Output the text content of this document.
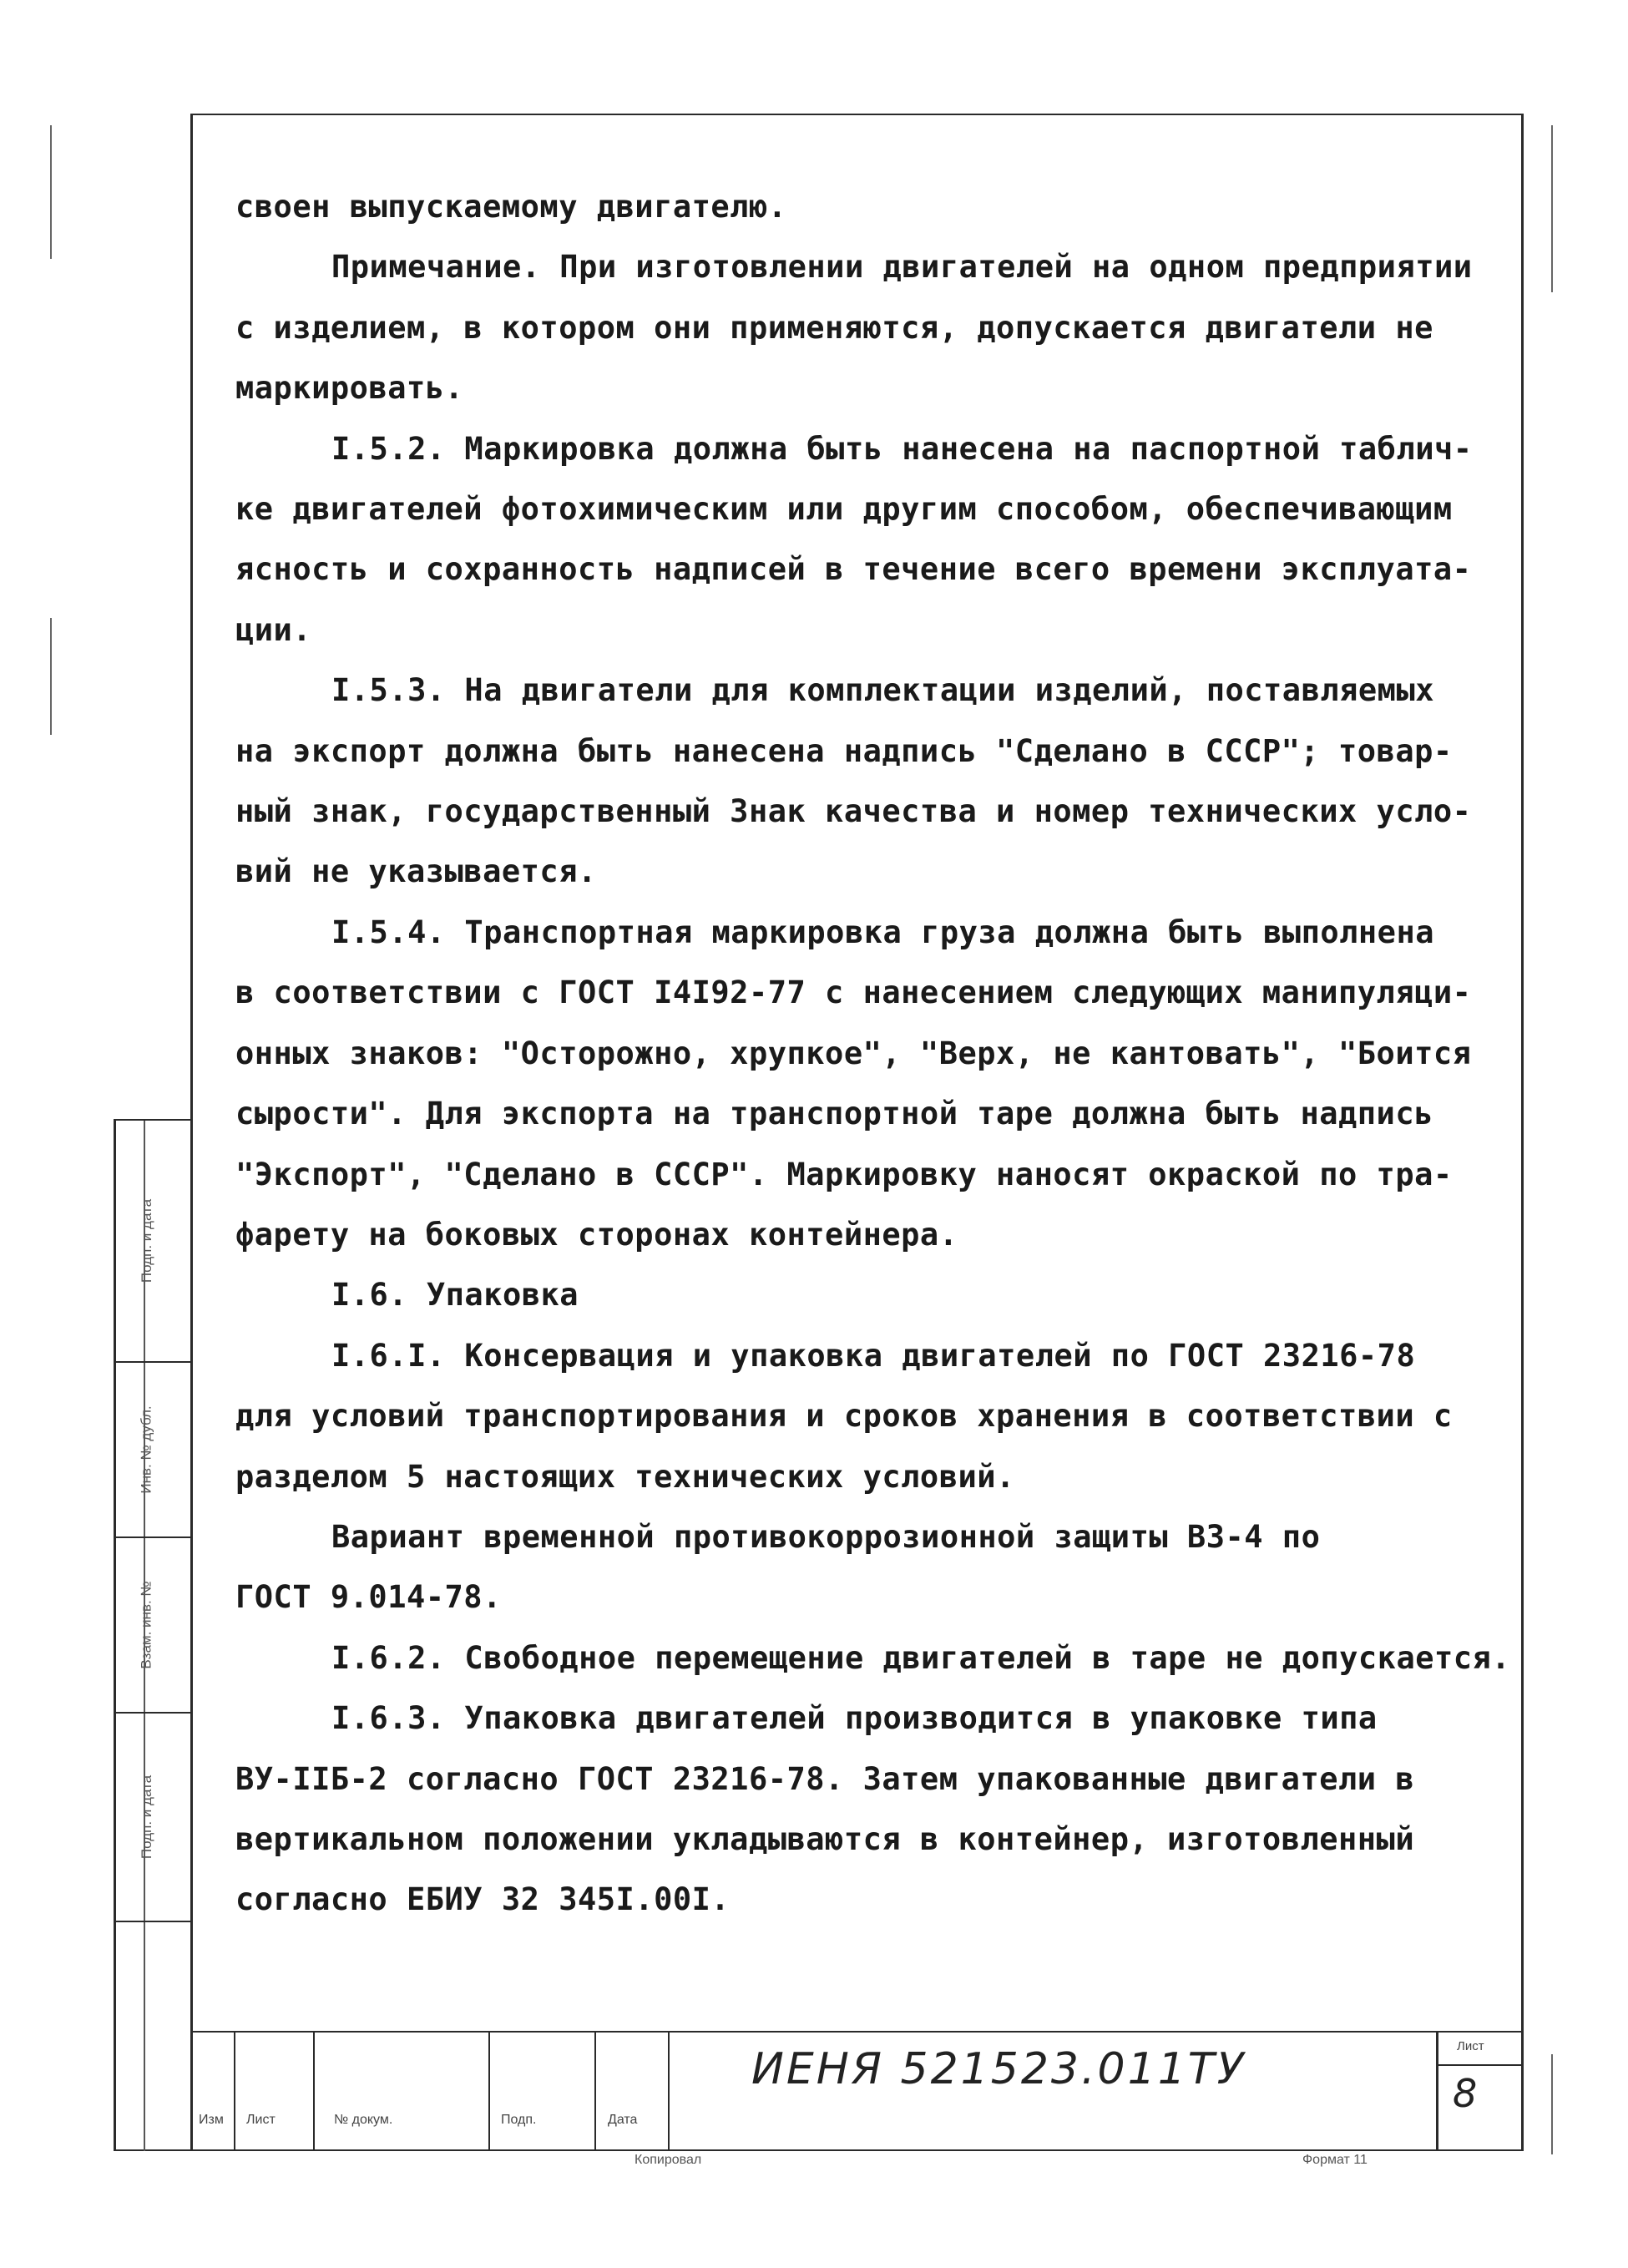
своен выпускаемому двигателю.
Примечание. При изготовлении двигателей на одном предприятии
с изделием, в котором они применяются, допускается двигатели не
маркировать.
I.5.2. Маркировка должна быть нанесена на паспортной таблич-
ке двигателей фотохимическим или другим способом, обеспечивающим
ясность и сохранность надписей в течение всего времени эксплуата-
ции.
I.5.3. На двигатели для комплектации изделий, поставляемых
на экспорт должна быть нанесена надпись "Сделано в СССР"; товар-
ный знак, государственный Знак качества и номер технических усло-
вий не указывается.
I.5.4. Транспортная маркировка груза должна быть выполнена
в соответствии с ГОСТ I4I92-77 с нанесением следующих манипуляци-
онных знаков: "Осторожно, хрупкое", "Верх, не кантовать", "Боится
сырости". Для экспорта на транспортной таре должна быть надпись
"Экспорт", "Сделано в СССР". Маркировку наносят окраской по тра-
фарету на боковых сторонах контейнера.
I.6. Упаковка
I.6.I. Консервация и упаковка двигателей по ГОСТ 23216-78
для условий транспортирования и сроков хранения в соответствии с
разделом 5 настоящих технических условий.
Вариант временной противокоррозионной защиты В3-4 по
ГОСТ 9.014-78.
I.6.2. Свободное перемещение двигателей в таре не допускается.
I.6.3. Упаковка двигателей производится в упаковке типа
ВУ-IIБ-2 согласно ГОСТ 23216-78. Затем упакованные двигатели в
вертикальном положении укладываются в контейнер, изготовленный
согласно ЕБИУ 32 345I.00I.
Подп. и дата
Инв. № дубл.
Взам. инв. №
Подп. и дата
Изм Лист	№ докум.	Подп.	Дата
ИЕНЯ 521523.011ТУ	Лист
8
Копировал	Формат 11
